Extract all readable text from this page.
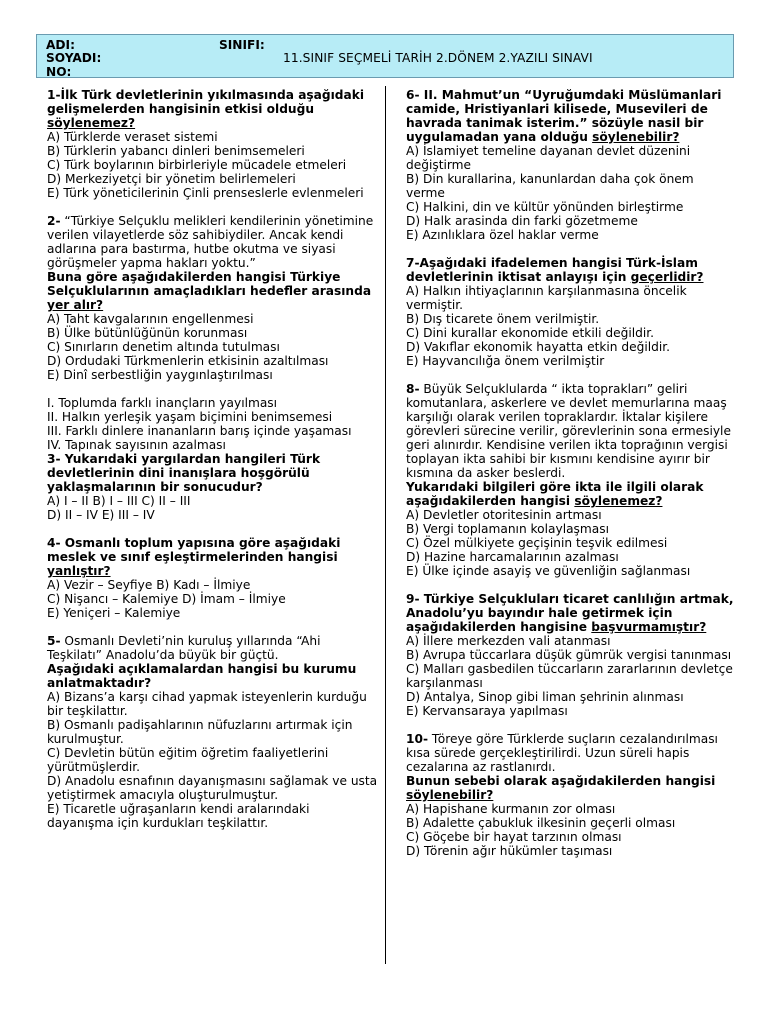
ADI:	SINIFI:
SOYADI:	11.SINIF SEÇMELİ TARİH 2.DÖNEM 2.YAZILI SINAVI
NO:

1-İlk Türk devletlerinin yıkılmasında aşağıdaki gelişmelerden hangisinin etkisi olduğu söylenemez?

A) Türklerde veraset sistemi

B) Türklerin yabancı dinleri benimsemeleri

C) Türk boylarının birbirleriyle mücadele etmeleri

D) Merkeziyetçi bir yönetim belirlemeleri

E) Türk yöneticilerinin Çinli prenseslerle evlenmeleri

2- “Türkiye Selçuklu melikleri kendilerinin yönetimine verilen vilayetlerde söz sahibiydiler. Ancak kendi adlarına para bastırma, hutbe okutma ve siyasi görüşmeler yapma hakları yoktu.”

Buna göre aşağıdakilerden hangisi Türkiye Selçuklularının amaçladıkları hedefler arasında yer alır?

A) Taht kavgalarının engellenmesi

B) Ülke bütünlüğünün korunması

C) Sınırların denetim altında tutulması

D) Ordudaki Türkmenlerin etkisinin azaltılması

E) Dinî serbestliğin yaygınlaştırılması

I. Toplumda farklı inançların yayılması

II. Halkın yerleşik yaşam biçimini benimsemesi

III. Farklı dinlere inananların barış içinde yaşaması

IV. Tapınak sayısının azalması

3- Yukarıdaki yargılardan hangileri Türk devletlerinin dini inanışlara hoşgörülü yaklaşmalarının bir sonucudur?

A) I – II B) I – III C) II – III

D) II – IV E) III – IV

4- Osmanlı toplum yapısına göre aşağıdaki meslek ve sınıf eşleştirmelerinden hangisi yanlıştır?

A) Vezir – Seyfiye B) Kadı – İlmiye

C) Nişancı – Kalemiye D) İmam – İlmiye

E) Yeniçeri – Kalemiye

5- Osmanlı Devleti’nin kuruluş yıllarında “Ahi Teşkilatı” Anadolu’da büyük bir güçtü.

Aşağıdaki açıklamalardan hangisi bu kurumu anlatmaktadır?

A) Bizans’a karşı cihad yapmak isteyenlerin kurduğu bir teşkilattır.

B) Osmanlı padişahlarının nüfuzlarını artırmak için kurulmuştur.

C) Devletin bütün eğitim öğretim faaliyetlerini yürütmüşlerdir.

D) Anadolu esnafının dayanışmasını sağlamak ve usta yetiştirmek amacıyla oluşturulmuştur.

E) Ticaretle uğraşanların kendi aralarındaki dayanışma için kurdukları teşkilattır.

6- II. Mahmut’un “Uyruğumdaki Müslümanlari camide, Hristiyanlari kilisede, Musevileri de havrada tanimak isterim.” sözüyle nasil bir uygulamadan yana olduğu söylenebilir?

A) İslamiyet temeline dayanan devlet düzenini değiştirme

B) Din kurallarina, kanunlardan daha çok önem verme

C) Halkini, din ve kültür yönünden birleştirme

D) Halk arasinda din farki gözetmeme

E) Azınlıklara özel haklar verme

7-Aşağıdaki ifadelemen hangisi Türk-İslam devletlerinin iktisat anlayışı için geçerlidir?

A) Halkın ihtiyaçlarının karşılanmasına öncelik vermiştir.

B) Dış ticarete önem verilmiştir.

C) Dini kurallar ekonomide etkili değildir.

D) Vakıflar ekonomik hayatta etkin değildir.

E) Hayvancılığa önem verilmiştir

8- Büyük Selçuklularda “ ikta toprakları” geliri komutanlara, askerlere ve devlet memurlarına maaş karşılığı olarak verilen topraklardır. İktalar kişilere görevleri sürecine verilir, görevlerinin sona ermesiyle geri alınırdır. Kendisine verilen ikta toprağının vergisi toplayan ikta sahibi bir kısmını kendisine ayırır bir kısmına da asker beslerdi.

Yukarıdaki bilgileri göre ikta ile ilgili olarak aşağıdakilerden hangisi söylenemez?

A) Devletler otoritesinin artması

B) Vergi toplamanın kolaylaşması

C) Özel mülkiyete geçişinin teşvik edilmesi

D) Hazine harcamalarının azalması

E) Ülke içinde asayiş ve güvenliğin sağlanması

9- Türkiye Selçukluları ticaret canlılığın artmak, Anadolu’yu bayındır hale getirmek için aşağıdakilerden hangisine başvurmamıştır?

A) İllere merkezden vali atanması

B) Avrupa tüccarlara düşük gümrük vergisi tanınması

C) Malları gasbedilen tüccarların zararlarının devletçe karşılanması

D) Antalya, Sinop gibi liman şehrinin alınması

E) Kervansaraya yapılması

10- Töreye göre Türklerde suçların cezalandırılması kısa sürede gerçekleştirilirdi. Uzun süreli hapis cezalarına az rastlanırdı.

Bunun sebebi olarak aşağıdakilerden hangisi söylenebilir?

A) Hapishane kurmanın zor olması

B) Adalette çabukluk ilkesinin geçerli olması

C) Göçebe bir hayat tarzının olması

D) Törenin ağır hükümler taşıması
